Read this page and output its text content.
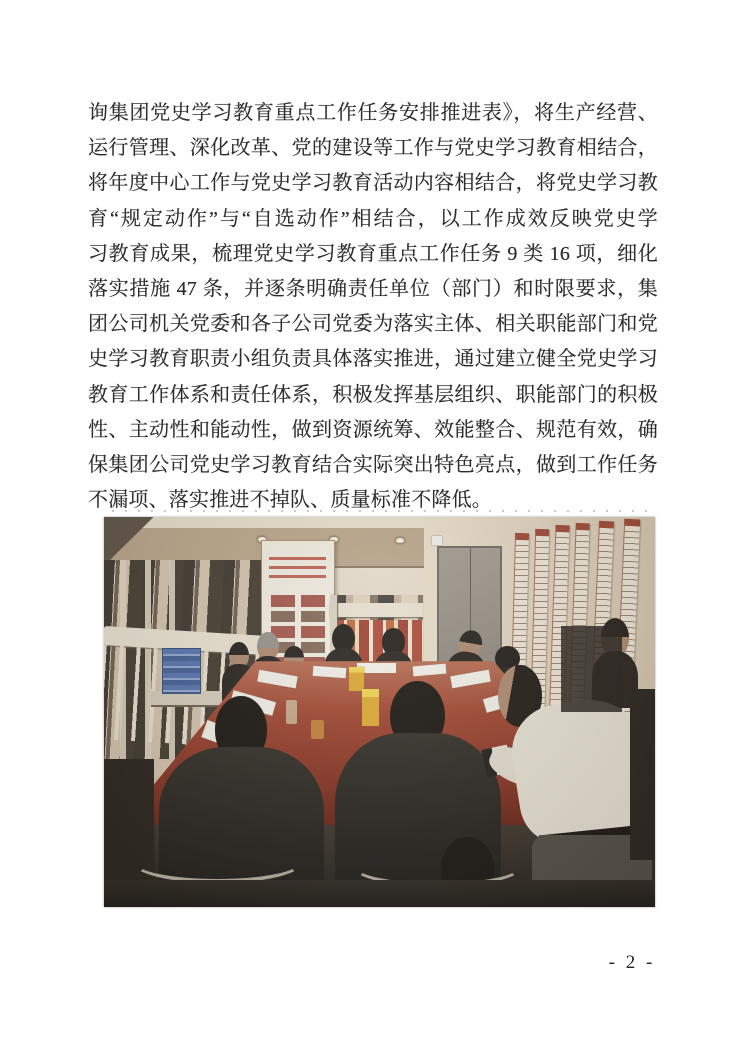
询集团党史学习教育重点工作任务安排推进表》，将生产经营、
运行管理、深化改革、党的建设等工作与党史学习教育相结合，
将年度中心工作与党史学习教育活动内容相结合，将党史学习教
育“规定动作”与“自选动作”相结合，以工作成效反映党史学
习教育成果，梳理党史学习教育重点工作任务 9 类 16 项，细化
落实措施 47 条，并逐条明确责任单位（部门）和时限要求，集
团公司机关党委和各子公司党委为落实主体、相关职能部门和党
史学习教育职责小组负责具体落实推进，通过建立健全党史学习
教育工作体系和责任体系，积极发挥基层组织、职能部门的积极
性、主动性和能动性，做到资源统筹、效能整合、规范有效，确
保集团公司党史学习教育结合实际突出特色亮点，做到工作任务
不漏项、落实推进不掉队、质量标准不降低。
- 2 -
